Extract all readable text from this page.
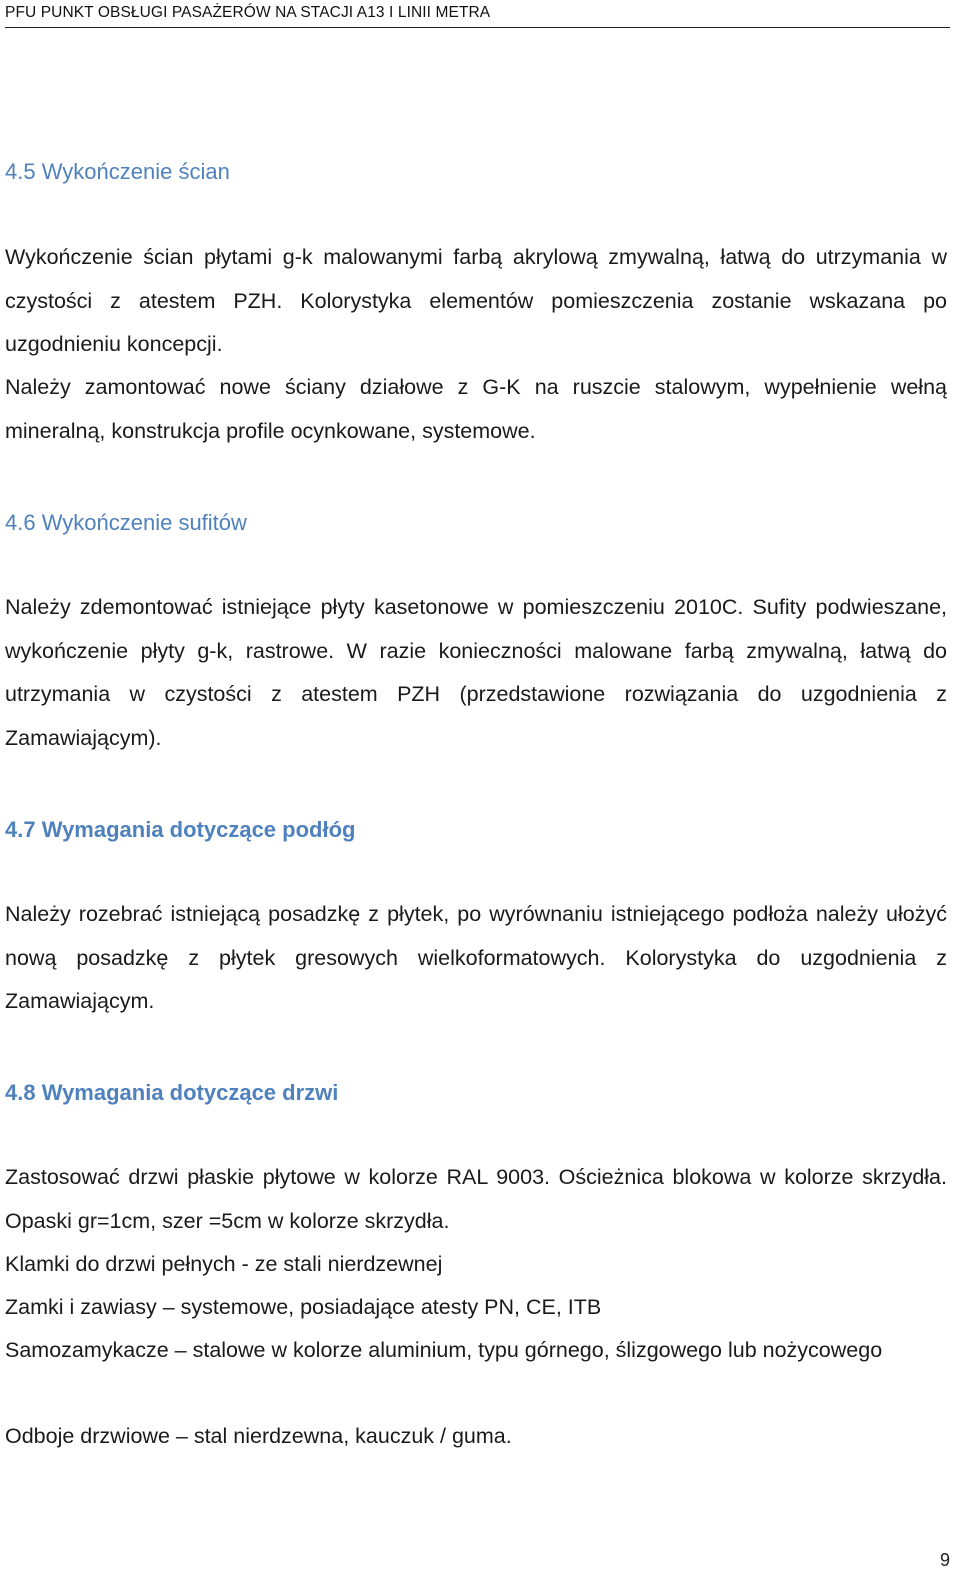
PFU PUNKT OBSŁUGI PASAŻERÓW NA STACJI A13 I LINII METRA
4.5 Wykończenie ścian

Wykończenie ścian płytami g-k malowanymi farbą akrylową zmywalną, łatwą do utrzymania w czystości z atestem PZH. Kolorystyka elementów pomieszczenia zostanie wskazana po uzgodnieniu koncepcji.

Należy zamontować nowe ściany działowe z G-K na ruszcie stalowym, wypełnienie wełną mineralną, konstrukcja profile ocynkowane, systemowe.

4.6 Wykończenie sufitów

Należy zdemontować istniejące płyty kasetonowe w pomieszczeniu 2010C. Sufity podwieszane, wykończenie płyty g-k, rastrowe. W razie konieczności malowane farbą zmywalną, łatwą do utrzymania w czystości z atestem PZH (przedstawione rozwiązania do uzgodnienia z Zamawiającym).

4.7 Wymagania dotyczące podłóg

Należy rozebrać istniejącą posadzkę z płytek, po wyrównaniu istniejącego podłoża należy ułożyć nową posadzkę z płytek gresowych wielkoformatowych. Kolorystyka do uzgodnienia z Zamawiającym.

4.8 Wymagania dotyczące drzwi

Zastosować drzwi płaskie płytowe w kolorze RAL 9003. Ościeżnica blokowa w kolorze skrzydła. Opaski gr=1cm, szer =5cm w kolorze skrzydła.

Klamki do drzwi pełnych - ze stali nierdzewnej

Zamki i zawiasy – systemowe, posiadające atesty PN, CE, ITB

Samozamykacze – stalowe w kolorze aluminium, typu górnego, ślizgowego lub nożycowego

Odboje drzwiowe – stal nierdzewna, kauczuk / guma.

9
